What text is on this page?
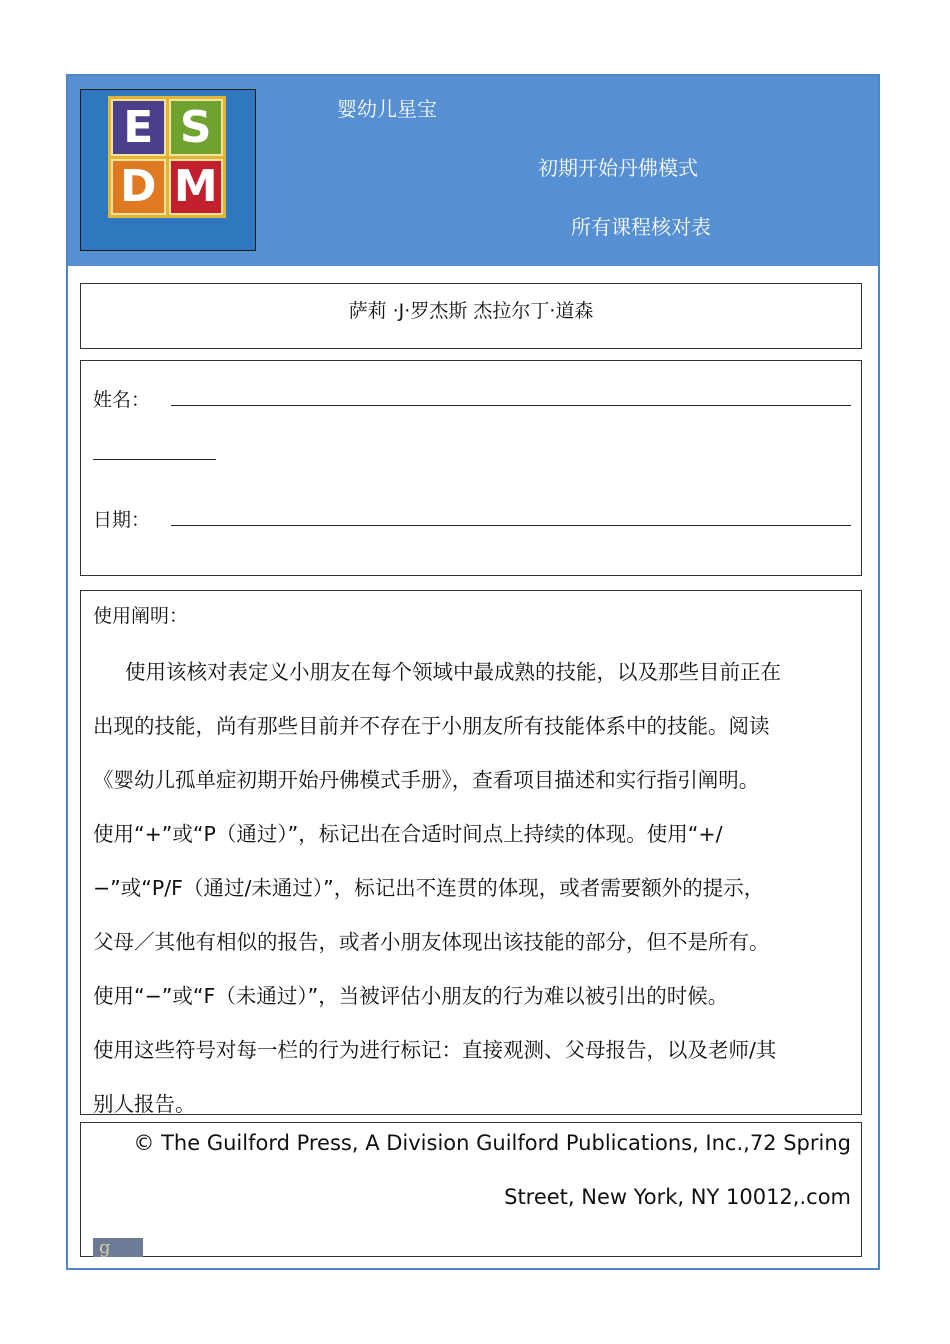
E S
D M
婴幼儿星宝
初期开始丹佛模式
所有课程核对表
萨莉 ·J·罗杰斯 杰拉尔丁·道森
姓名：
日期：
使用阐明：
使用该核对表定义小朋友在每个领域中最成熟的技能，以及那些目前正在
出现的技能，尚有那些目前并不存在于小朋友所有技能体系中的技能。阅读
《婴幼儿孤单症初期开始丹佛模式手册》，查看项目描述和实行指引阐明。
使用“+”或“P（通过）”，标记出在合适时间点上持续的体现。使用“+/
−”或“P/F（通过/未通过）”，标记出不连贯的体现，或者需要额外的提示，
父母／其他有相似的报告，或者小朋友体现出该技能的部分，但不是所有。
使用“−”或“F（未通过）”，当被评估小朋友的行为难以被引出的时候。
使用这些符号对每一栏的行为进行标记：直接观测、父母报告，以及老师/其
别人报告。
© The Guilford Press, A Division Guilford Publications, Inc.,72 Spring
Street, New York, NY 10012,.com
g
